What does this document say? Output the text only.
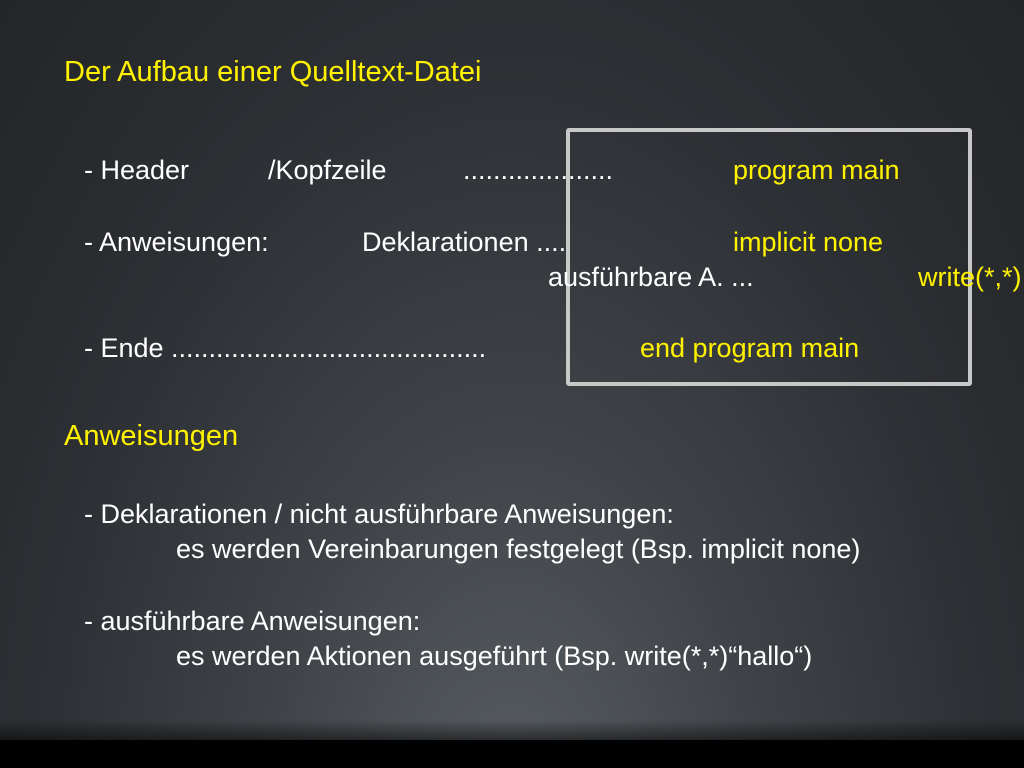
Der Aufbau einer Quelltext-Datei
- Header	/Kopfzeile	....................	program main
- Anweisungen:	Deklarationen ....	implicit none
ausführbare A. ...	write(*,*)
- Ende ..........................................	end program main
Anweisungen
- Deklarationen / nicht ausführbare Anweisungen:
es werden Vereinbarungen festgelegt (Bsp. implicit none)
- ausführbare Anweisungen:
es werden Aktionen ausgeführt (Bsp. write(*,*)“hallo“)
